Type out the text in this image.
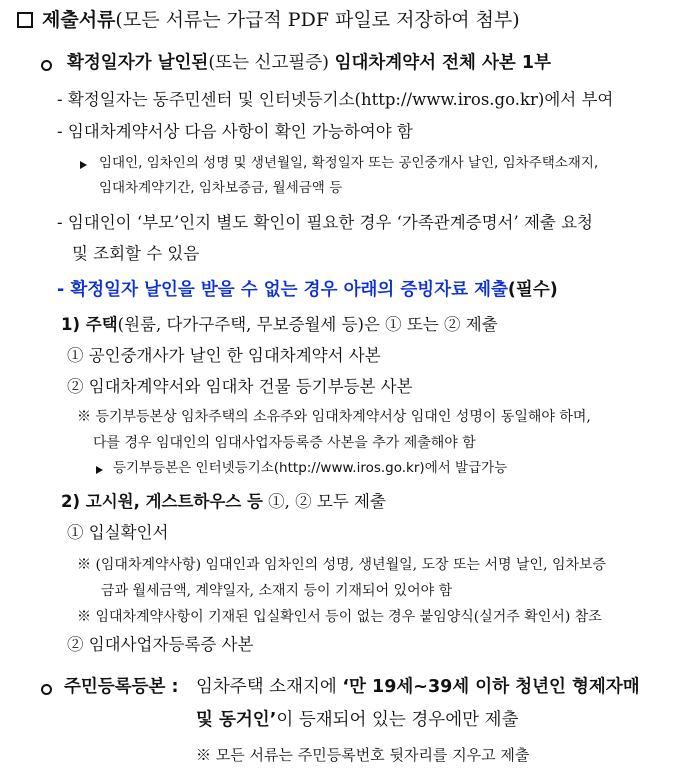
제출서류(모든 서류는 가급적 PDF 파일로 저장하여 첨부)
확정일자가 날인된(또는 신고필증) 임대차계약서 전체 사본 1부
- 확정일자는 동주민센터 및 인터넷등기소(http://www.iros.go.kr)에서 부여
- 임대차계약서상 다음 사항이 확인 가능하여야 함
임대인, 임차인의 성명 및 생년월일, 확정일자 또는 공인중개사 날인, 임차주택소재지,
임대차계약기간, 임차보증금, 월세금액 등
- 임대인이 ‘부모’인지 별도 확인이 필요한 경우 ‘가족관계증명서’ 제출 요청
및 조회할 수 있음
- 확정일자 날인을 받을 수 없는 경우 아래의 증빙자료 제출(필수)
1) 주택(원룸, 다가구주택, 무보증월세 등)은 ① 또는 ② 제출
① 공인중개사가 날인 한 임대차계약서 사본
② 임대차계약서와 임대차 건물 등기부등본 사본
※ 등기부등본상 임차주택의 소유주와 임대차계약서상 임대인 성명이 동일해야 하며,
다를 경우 임대인의 임대사업자등록증 사본을 추가 제출해야 함
등기부등본은 인터넷등기소(http://www.iros.go.kr)에서 발급가능
2) 고시원, 게스트하우스 등 ①, ② 모두 제출
① 입실확인서
※ (임대차계약사항) 임대인과 임차인의 성명, 생년월일, 도장 또는 서명 날인, 임차보증
금과 월세금액, 계약일자, 소재지 등이 기재되어 있어야 함
※ 임대차계약사항이 기재된 입실확인서 등이 없는 경우 붙임양식(실거주 확인서) 참조
② 임대사업자등록증 사본
주민등록등본 : 임차주택 소재지에 ‘만 19세~39세 이하 청년인 형제자매
및 동거인’이 등재되어 있는 경우에만 제출
※ 모든 서류는 주민등록번호 뒷자리를 지우고 제출
